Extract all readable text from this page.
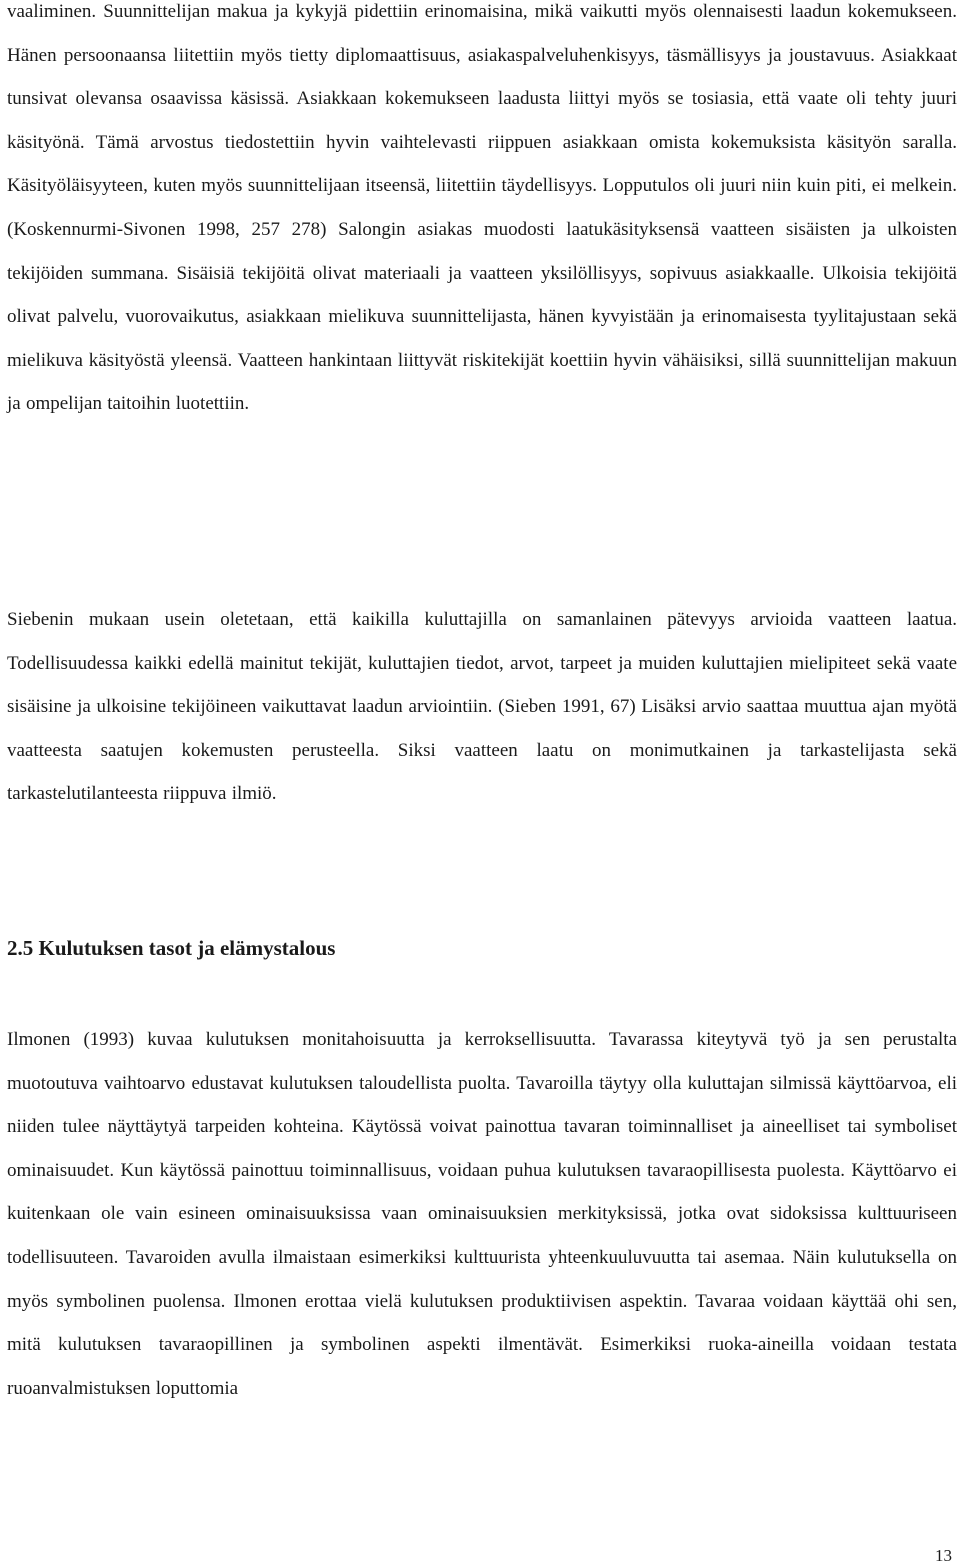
vaaliminen. Suunnittelijan makua ja kykyjä pidettiin erinomaisina, mikä vaikutti myös olennaisesti laadun kokemukseen. Hänen persoonaansa liitettiin myös tietty diplomaattisuus, asiakaspalveluhenkisyys, täsmällisyys ja joustavuus. Asiakkaat tunsivat olevansa osaavissa käsissä. Asiakkaan kokemukseen laadusta liittyi myös se tosiasia, että vaate oli tehty juuri käsityönä. Tämä arvostus tiedostettiin hyvin vaihtelevasti riippuen asiakkaan omista kokemuksista käsityön saralla. Käsityöläisyyteen, kuten myös suunnittelijaan itseensä, liitettiin täydellisyys. Lopputulos oli juuri niin kuin piti, ei melkein. (Koskennurmi-Sivonen 1998, 257 278) Salongin asiakas muodosti laatukäsityksensä vaatteen sisäisten ja ulkoisten tekijöiden summana. Sisäisiä tekijöitä olivat materiaali ja vaatteen yksilöllisyys, sopivuus asiakkaalle. Ulkoisia tekijöitä olivat palvelu, vuorovaikutus, asiakkaan mielikuva suunnittelijasta, hänen kyvyistään ja erinomaisesta tyylitajustaan sekä mielikuva käsityöstä yleensä. Vaatteen hankintaan liittyvät riskitekijät koettiin hyvin vähäisiksi, sillä suunnittelijan makuun ja ompelijan taitoihin luotettiin.

Siebenin mukaan usein oletetaan, että kaikilla kuluttajilla on samanlainen pätevyys arvioida vaatteen laatua. Todellisuudessa kaikki edellä mainitut tekijät, kuluttajien tiedot, arvot, tarpeet ja muiden kuluttajien mielipiteet sekä vaate sisäisine ja ulkoisine tekijöineen vaikuttavat laadun arviointiin. (Sieben 1991, 67) Lisäksi arvio saattaa muuttua ajan myötä vaatteesta saatujen kokemusten perusteella. Siksi vaatteen laatu on monimutkainen ja tarkastelijasta sekä tarkastelutilanteesta riippuva ilmiö.

2.5 Kulutuksen tasot ja elämystalous

Ilmonen (1993) kuvaa kulutuksen monitahoisuutta ja kerroksellisuutta. Tavarassa kiteytyvä työ ja sen perustalta muotoutuva vaihtoarvo edustavat kulutuksen taloudellista puolta. Tavaroilla täytyy olla kuluttajan silmissä käyttöarvoa, eli niiden tulee näyttäytyä tarpeiden kohteina. Käytössä voivat painottua tavaran toiminnalliset ja aineelliset tai symboliset ominaisuudet. Kun käytössä painottuu toiminnallisuus, voidaan puhua kulutuksen tavaraopillisesta puolesta. Käyttöarvo ei kuitenkaan ole vain esineen ominaisuuksissa vaan ominaisuuksien merkityksissä, jotka ovat sidoksissa kulttuuriseen todellisuuteen. Tavaroiden avulla ilmaistaan esimerkiksi kulttuurista yhteenkuuluvuutta tai asemaa. Näin kulutuksella on myös symbolinen puolensa. Ilmonen erottaa vielä kulutuksen produktiivisen aspektin. Tavaraa voidaan käyttää ohi sen, mitä kulutuksen tavaraopillinen ja symbolinen aspekti ilmentävät. Esimerkiksi ruoka-aineilla voidaan testata ruoanvalmistuksen loputtomia

13
